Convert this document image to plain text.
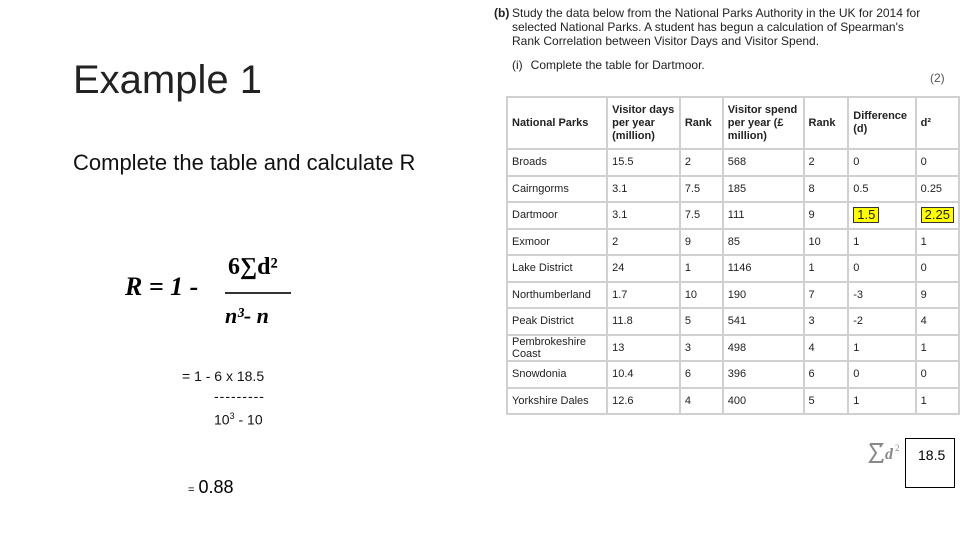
Example 1
Complete the table and calculate R
R = 1 -
6∑d²
n³- n
= 1 - 6 x 18.5
---------
$10^3 - 10$
= 0.88
(b) Study the data below from the National Parks Authority in the UK for 2014 for selected National Parks. A student has begun a calculation of Spearman's Rank Correlation between Visitor Days and Visitor Spend.
(i) Complete the table for Dartmoor.
(2)
National Parks	Visitor days per year (million)	Rank	Visitor spend per year (£ million)	Rank	Difference (d)	d²
Broads	15.5	2	568	2	0	0
Cairngorms	3.1	7.5	185	8	0.5	0.25
Dartmoor	3.1	7.5	111	9	1.5	2.25
Exmoor	2	9	85	10	1	1
Lake District	24	1	1146	1	0	0
Northumberland	1.7	10	190	7	-3	9
Peak District	11.8	5	541	3	-2	4
Pembrokeshire Coast	13	3	498	4	1	1
Snowdonia	10.4	6	396	6	0	0
Yorkshire Dales	12.6	4	400	5	1	1
d 2	18.5
